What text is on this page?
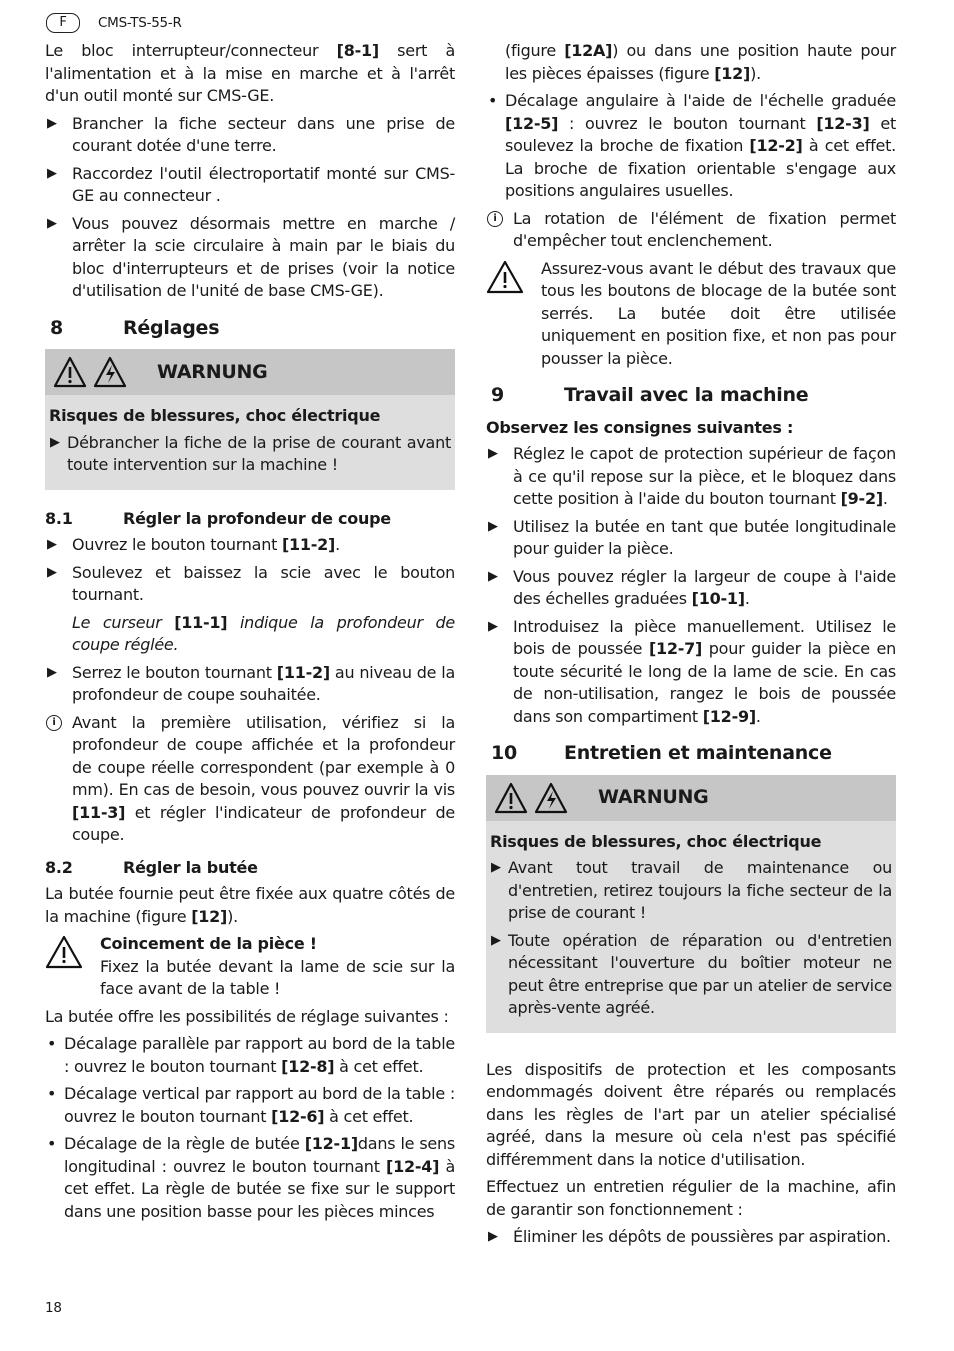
F	CMS-TS-55-R

Le bloc interrupteur/connecteur [8-1] sert à l'alimentation et à la mise en marche et à l'arrêt d'un outil monté sur CMS-GE.

▶ Brancher la fiche secteur dans une prise de courant dotée d'une terre.
▶ Raccordez l'outil électroportatif monté sur CMS-GE au connecteur .
▶ Vous pouvez désormais mettre en marche / arrêter la scie circulaire à main par le biais du bloc d'interrupteurs et de prises (voir la notice d'utilisation de l'unité de base CMS-GE).
8	Réglages
WARNUNG
Risques de blessures, choc électrique
▶ Débrancher la fiche de la prise de courant avant toute intervention sur la machine !
8.1	Régler la profondeur de coupe
▶ Ouvrez le bouton tournant [11-2].
▶ Soulevez et baissez la scie avec le bouton tournant.

Le curseur [11-1] indique la profondeur de coupe réglée.

▶ Serrez le bouton tournant [11-2] au niveau de la profondeur de coupe souhaitée.
i	Avant la première utilisation, vérifiez si la profondeur de coupe affichée et la profondeur de coupe réelle correspondent (par exemple à 0 mm). En cas de besoin, vous pouvez ouvrir la vis [11-3] et régler l'indicateur de profondeur de coupe.
8.2	Régler la butée

La butée fournie peut être fixée aux quatre côtés de la machine (figure [12]).

Coincement de la pièce !
Fixez la butée devant la lame de scie sur la face avant de la table !

La butée offre les possibilités de réglage suivantes :

• Décalage parallèle par rapport au bord de la table : ouvrez le bouton tournant [12-8] à cet effet.
• Décalage vertical par rapport au bord de la table : ouvrez le bouton tournant [12-6] à cet effet.
• Décalage de la règle de butée [12-1]dans le sens longitudinal : ouvrez le bouton tournant [12-4] à cet effet. La règle de butée se fixe sur le support dans une position basse pour les pièces minces

(figure [12A]) ou dans une position haute pour les pièces épaisses (figure [12]).

• Décalage angulaire à l'aide de l'échelle graduée [12-5] : ouvrez le bouton tournant [12-3] et soulevez la broche de fixation [12-2] à cet effet. La broche de fixation orientable s'engage aux positions angulaires usuelles.
i	La rotation de l'élément de fixation permet d'empêcher tout enclenchement.
Assurez-vous avant le début des travaux que tous les boutons de blocage de la butée sont serrés. La butée doit être utilisée uniquement en position fixe, et non pas pour pousser la pièce.
9	Travail avec la machine
Observez les consignes suivantes :
▶ Réglez le capot de protection supérieur de façon à ce qu'il repose sur la pièce, et le bloquez dans cette position à l'aide du bouton tournant [9-2].
▶ Utilisez la butée en tant que butée longitudinale pour guider la pièce.
▶ Vous pouvez régler la largeur de coupe à l'aide des échelles graduées [10-1].
▶ Introduisez la pièce manuellement. Utilisez le bois de poussée [12-7] pour guider la pièce en toute sécurité le long de la lame de scie. En cas de non-utilisation, rangez le bois de poussée dans son compartiment [12-9].
10	Entretien et maintenance
WARNUNG
Risques de blessures, choc électrique
▶ Avant tout travail de maintenance ou d'entretien, retirez toujours la fiche secteur de la prise de courant !
▶ Toute opération de réparation ou d'entretien nécessitant l'ouverture du boîtier moteur ne peut être entreprise que par un atelier de service après-vente agréé.

Les dispositifs de protection et les composants endommagés doivent être réparés ou remplacés dans les règles de l'art par un atelier spécialisé agréé, dans la mesure où cela n'est pas spécifié différemment dans la notice d'utilisation.

Effectuez un entretien régulier de la machine, afin de garantir son fonctionnement :

▶ Éliminer les dépôts de poussières par aspiration.
18
